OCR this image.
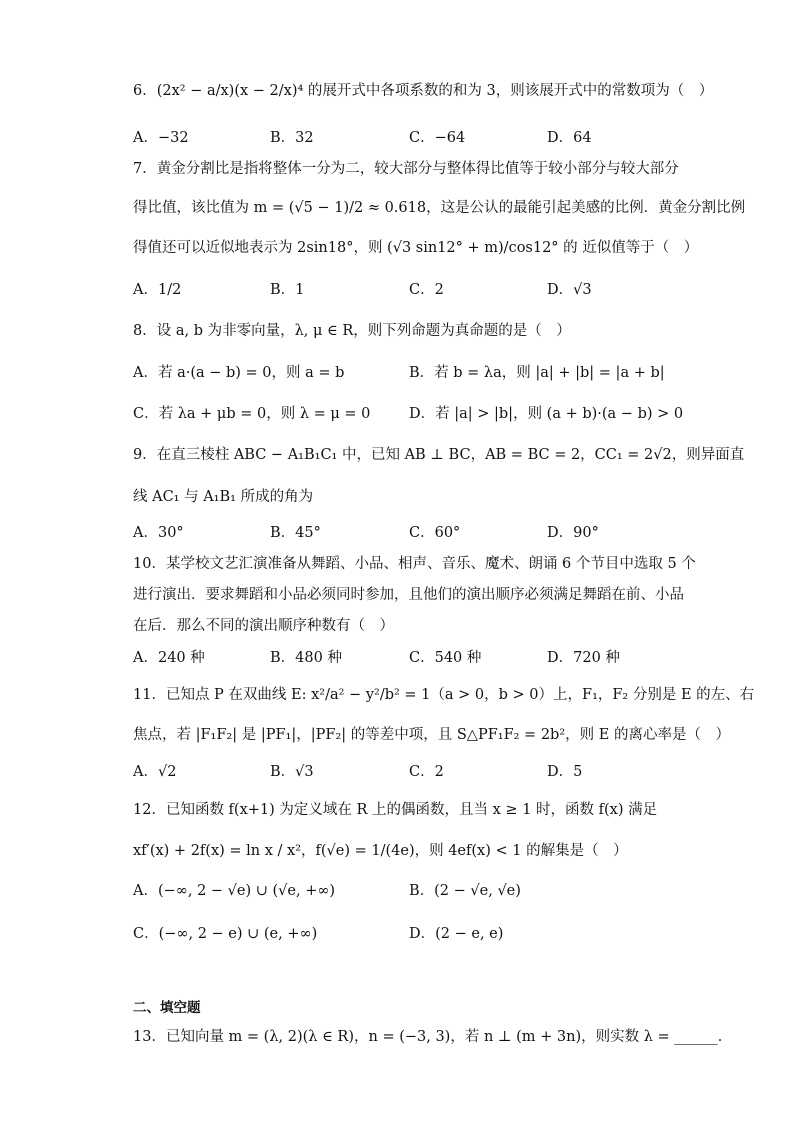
6．(2x² − a/x)(x − 2/x)⁴ 的展开式中各项系数的和为 3，则该展开式中的常数项为（　）
A．−32	B．32	C．−64	D．64
7．黄金分割比是指将整体一分为二，较大部分与整体得比值等于较小部分与较大部分
得比值，该比值为 m = (√5 − 1)/2 ≈ 0.618，这是公认的最能引起美感的比例．黄金分割比例
得值还可以近似地表示为 2sin18°，则 (√3 sin12° + m)/cos12° 的 近似值等于（　）
A．1/2	B．1	C．2	D．√3
8．设 a, b 为非零向量，λ, μ ∈ R，则下列命题为真命题的是（　）
A．若 a·(a − b) = 0，则 a = b	B．若 b = λa，则 |a| + |b| = |a + b|
C．若 λa + μb = 0，则 λ = μ = 0	D．若 |a| > |b|，则 (a + b)·(a − b) > 0
9．在直三棱柱 ABC − A₁B₁C₁ 中，已知 AB ⊥ BC，AB = BC = 2，CC₁ = 2√2，则异面直
线 AC₁ 与 A₁B₁ 所成的角为
A．30°	B．45°	C．60°	D．90°
10．某学校文艺汇演准备从舞蹈、小品、相声、音乐、魔术、朗诵 6 个节目中选取 5 个
进行演出．要求舞蹈和小品必须同时参加，且他们的演出顺序必须满足舞蹈在前、小品
在后．那么不同的演出顺序种数有（　）
A．240 种	B．480 种	C．540 种	D．720 种
11．已知点 P 在双曲线 E: x²/a² − y²/b² = 1（a > 0，b > 0）上，F₁，F₂ 分别是 E 的左、右
焦点，若 |F₁F₂| 是 |PF₁|，|PF₂| 的等差中项，且 S△PF₁F₂ = 2b²，则 E 的离心率是（　）
A．√2	B．√3	C．2	D．5
12．已知函数 f(x+1) 为定义域在 R 上的偶函数，且当 x ≥ 1 时，函数 f(x) 满足
xf′(x) + 2f(x) = ln x / x²，f(√e) = 1/(4e)，则 4ef(x) < 1 的解集是（　）
A．(−∞, 2 − √e) ∪ (√e, +∞)	B．(2 − √e, √e)
C．(−∞, 2 − e) ∪ (e, +∞)	D．(2 − e, e)
二、填空题
13．已知向量 m = (λ, 2)(λ ∈ R)，n = (−3, 3)，若 n ⊥ (m + 3n)，则实数 λ = ______．
